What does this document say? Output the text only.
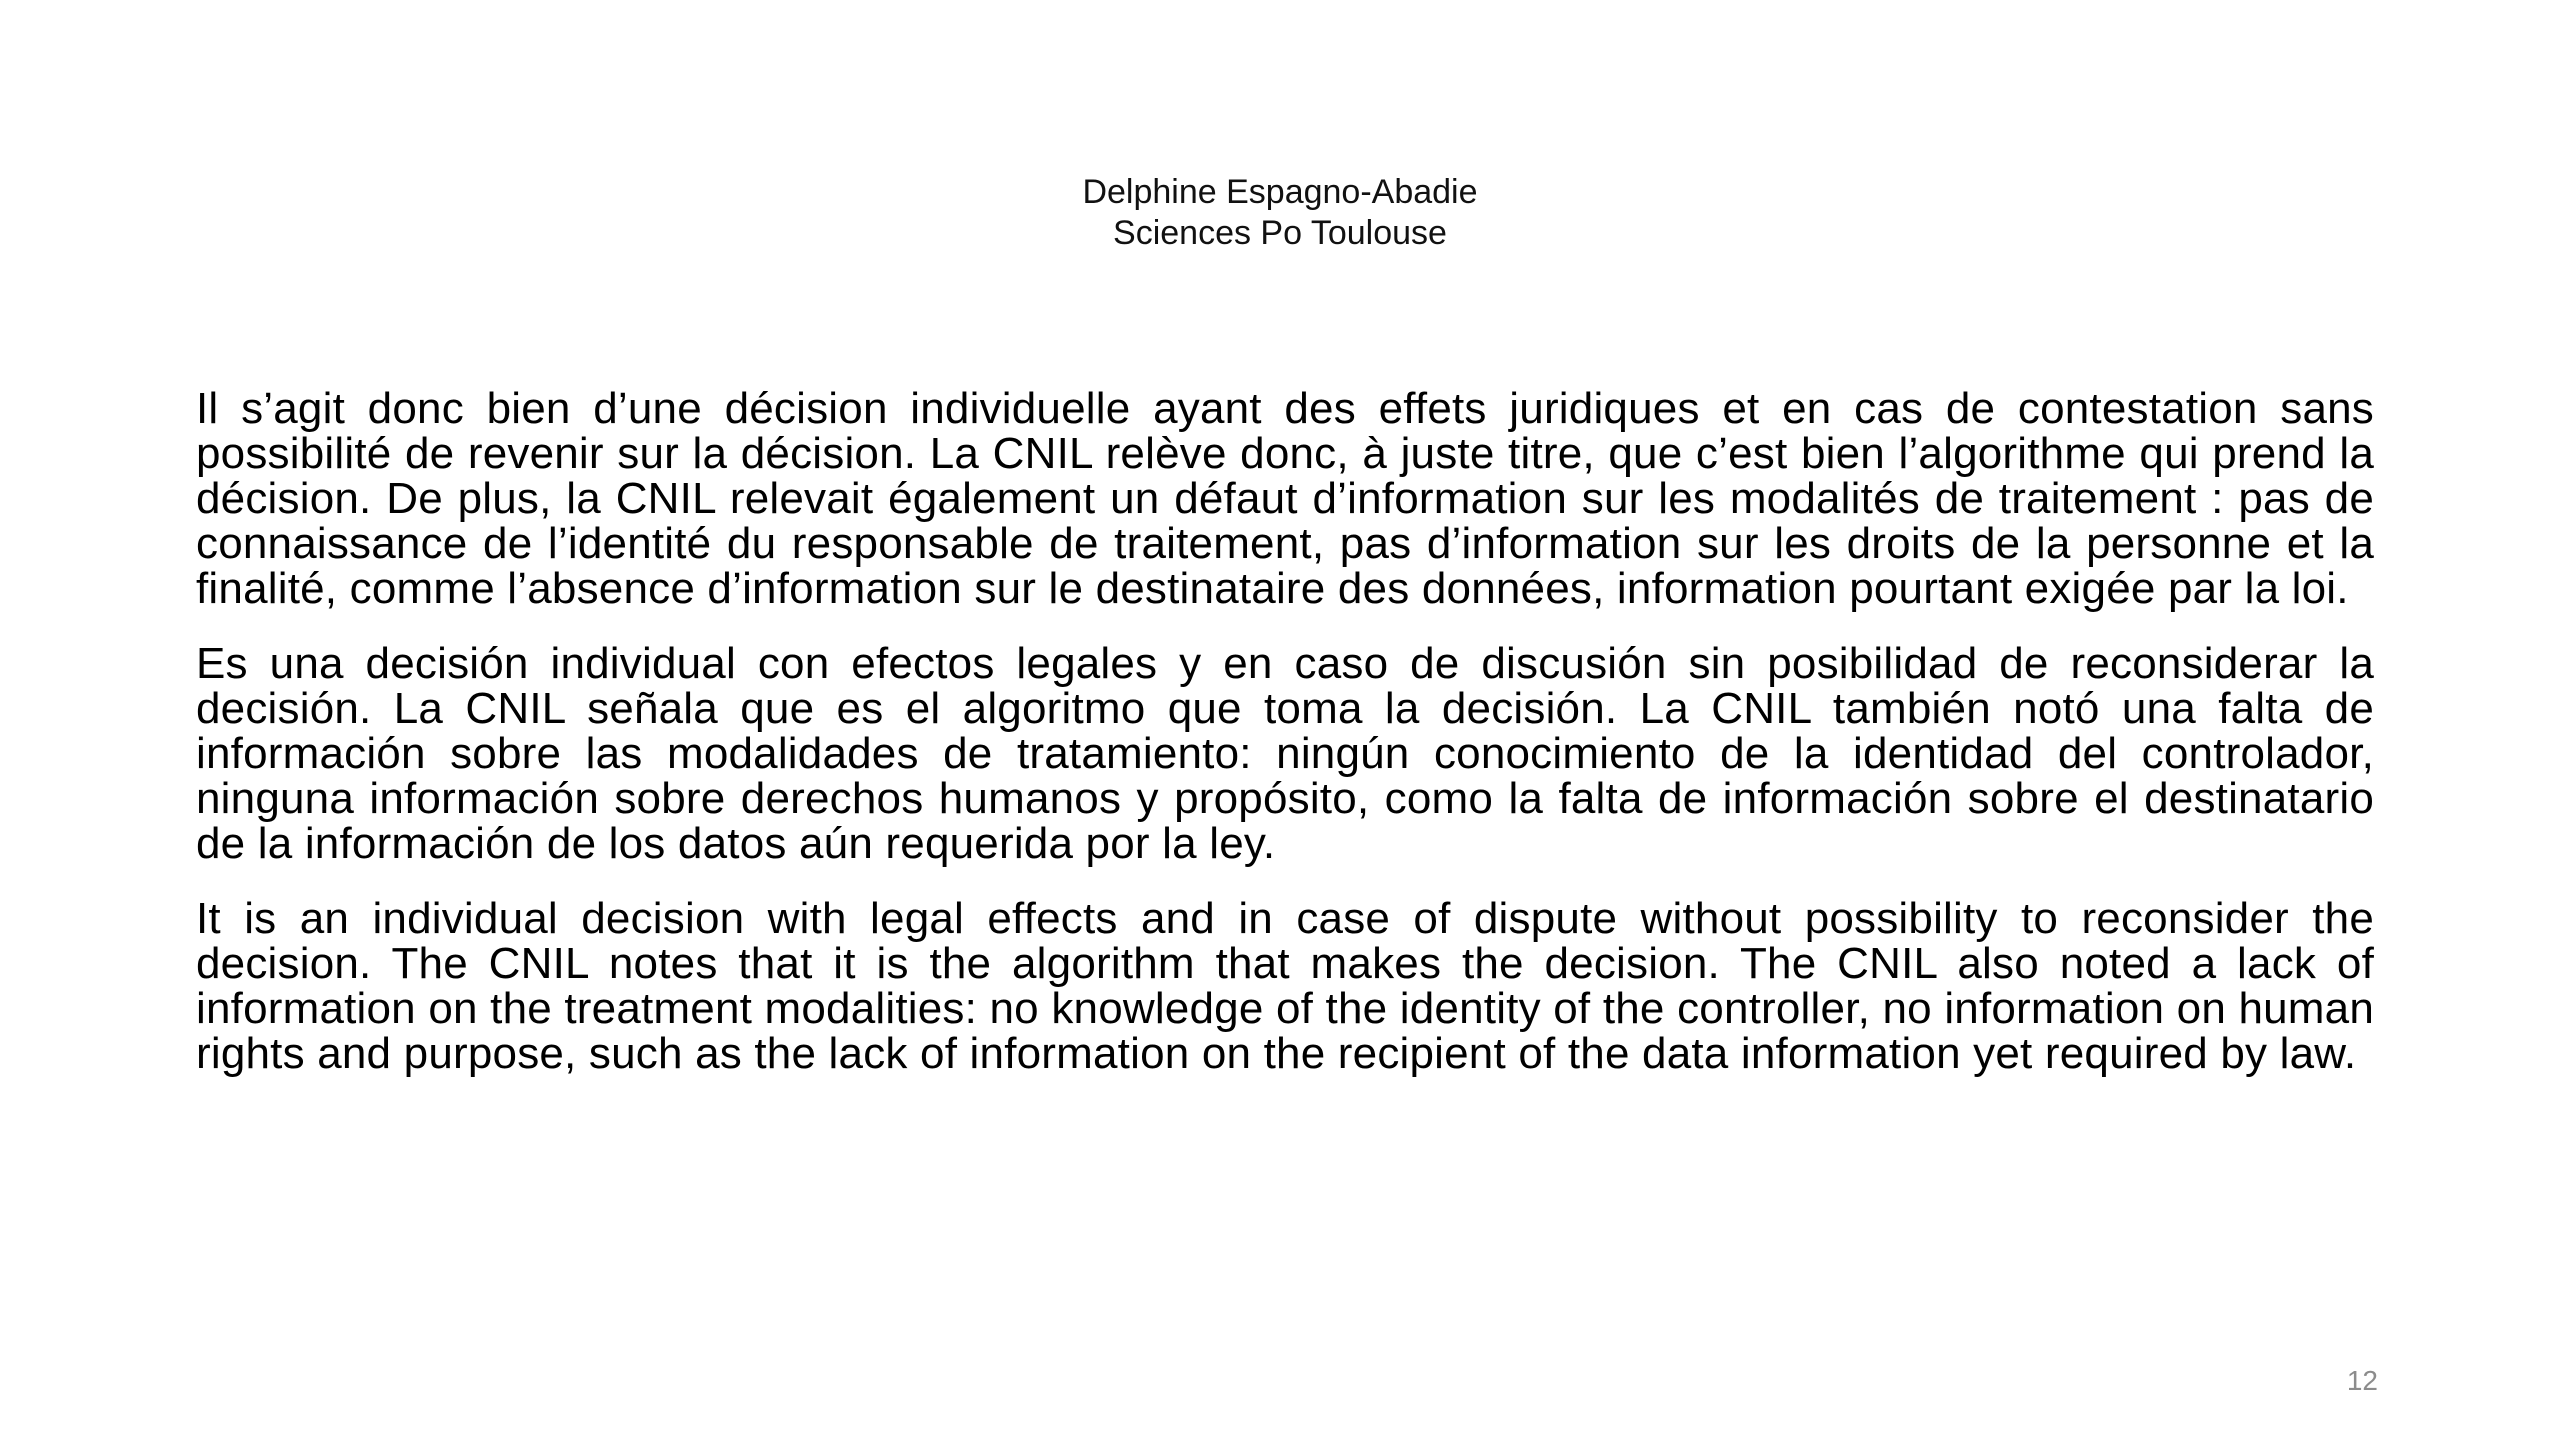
Delphine Espagno-Abadie
Sciences Po Toulouse

Il s’agit donc bien d’une décision individuelle ayant des effets juridiques et en cas de contestation sans possibilité de revenir sur la décision. La CNIL relève donc, à juste titre, que c’est bien l’algorithme qui prend la décision. De plus, la CNIL relevait également un défaut d’information sur les modalités de traitement : pas de connaissance de l’identité du responsable de traitement, pas d’information sur les droits de la personne et la finalité, comme l’absence d’information sur le destinataire des données, information pourtant exigée par la loi.

Es una decisión individual con efectos legales y en caso de discusión sin posibilidad de reconsiderar la decisión. La CNIL señala que es el algoritmo que toma la decisión. La CNIL también notó una falta de información sobre las modalidades de tratamiento: ningún conocimiento de la identidad del controlador, ninguna información sobre derechos humanos y propósito, como la falta de información sobre el destinatario de la información de los datos aún requerida por la ley.

It is an individual decision with legal effects and in case of dispute without possibility to reconsider the decision. The CNIL notes that it is the algorithm that makes the decision. The CNIL also noted a lack of information on the treatment modalities: no knowledge of the identity of the controller, no information on human rights and purpose, such as the lack of information on the recipient of the data information yet required by law.

12
